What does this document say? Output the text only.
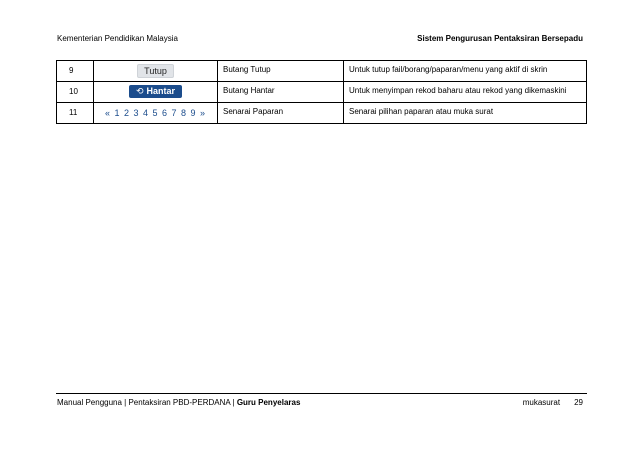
Kementerian Pendidikan Malaysia	Sistem Pengurusan Pentaksiran Bersepadu
9	Tutup	Butang Tutup	Untuk tutup fail/borang/paparan/menu yang aktif di skrin
10	⟲ Hantar	Butang Hantar	Untuk menyimpan rekod baharu atau rekod yang dikemaskini
11	« 1 2 3 4 5 6 7 8 9 »	Senarai Paparan	Senarai pilihan paparan atau muka surat
Manual Pengguna | Pentaksiran PBD-PERDANA | Guru Penyelaras	mukasurat 29
